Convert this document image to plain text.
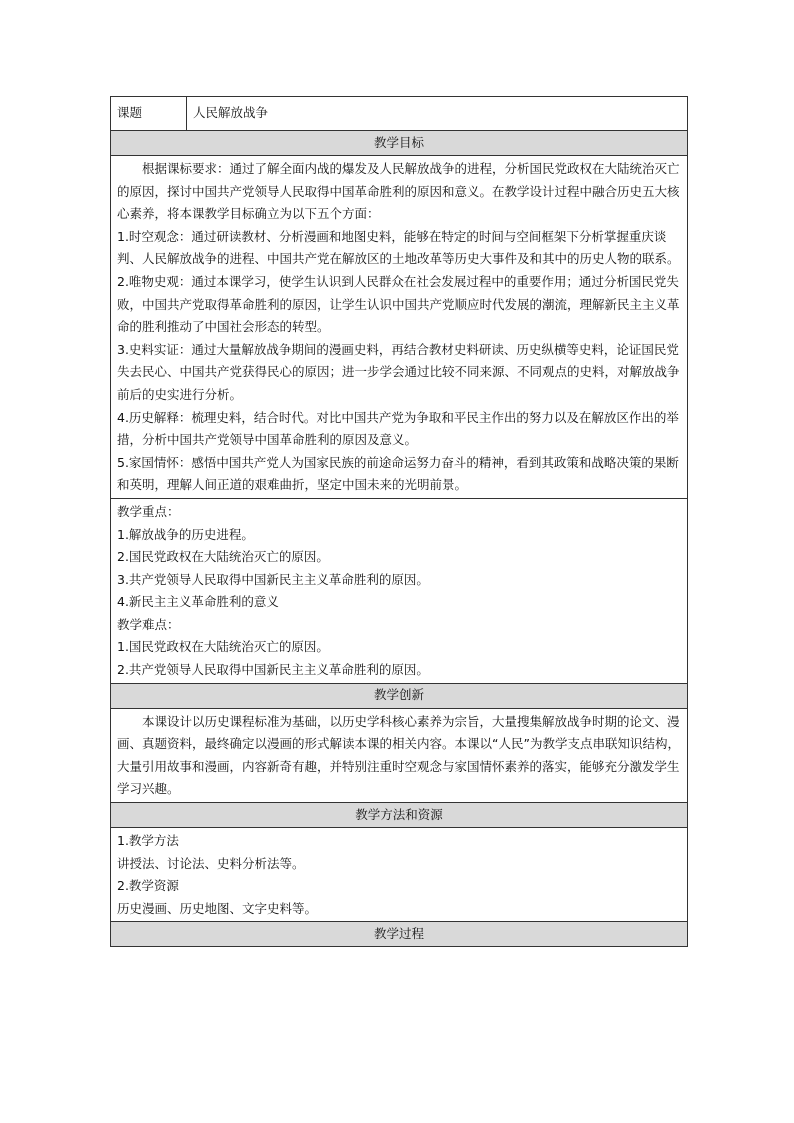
课题	人民解放战争
教学目标

根据课标要求：通过了解全面内战的爆发及人民解放战争的进程，分析国民党政权在大陆统治灭亡的原因，探讨中国共产党领导人民取得中国革命胜利的原因和意义。在教学设计过程中融合历史五大核心素养，将本课教学目标确立为以下五个方面：

1.时空观念：通过研读教材、分析漫画和地图史料，能够在特定的时间与空间框架下分析掌握重庆谈判、人民解放战争的进程、中国共产党在解放区的土地改革等历史大事件及和其中的历史人物的联系。

2.唯物史观：通过本课学习，使学生认识到人民群众在社会发展过程中的重要作用；通过分析国民党失败，中国共产党取得革命胜利的原因，让学生认识中国共产党顺应时代发展的潮流，理解新民主主义革命的胜利推动了中国社会形态的转型。

3.史料实证：通过大量解放战争期间的漫画史料，再结合教材史料研读、历史纵横等史料，论证国民党失去民心、中国共产党获得民心的原因；进一步学会通过比较不同来源、不同观点的史料，对解放战争前后的史实进行分析。

4.历史解释：梳理史料，结合时代。对比中国共产党为争取和平民主作出的努力以及在解放区作出的举措，分析中国共产党领导中国革命胜利的原因及意义。

5.家国情怀：感悟中国共产党人为国家民族的前途命运努力奋斗的精神，看到其政策和战略决策的果断和英明，理解人间正道的艰难曲折，坚定中国未来的光明前景。

教学重点：

1.解放战争的历史进程。

2.国民党政权在大陆统治灭亡的原因。

3.共产党领导人民取得中国新民主主义革命胜利的原因。

4.新民主主义革命胜利的意义

教学难点：

1.国民党政权在大陆统治灭亡的原因。

2.共产党领导人民取得中国新民主主义革命胜利的原因。

教学创新

本课设计以历史课程标准为基础，以历史学科核心素养为宗旨，大量搜集解放战争时期的论文、漫画、真题资料，最终确定以漫画的形式解读本课的相关内容。本课以“人民”为教学支点串联知识结构，大量引用故事和漫画，内容新奇有趣，并特别注重时空观念与家国情怀素养的落实，能够充分激发学生学习兴趣。

教学方法和资源

1.教学方法

讲授法、讨论法、史料分析法等。

2.教学资源

历史漫画、历史地图、文字史料等。

教学过程
